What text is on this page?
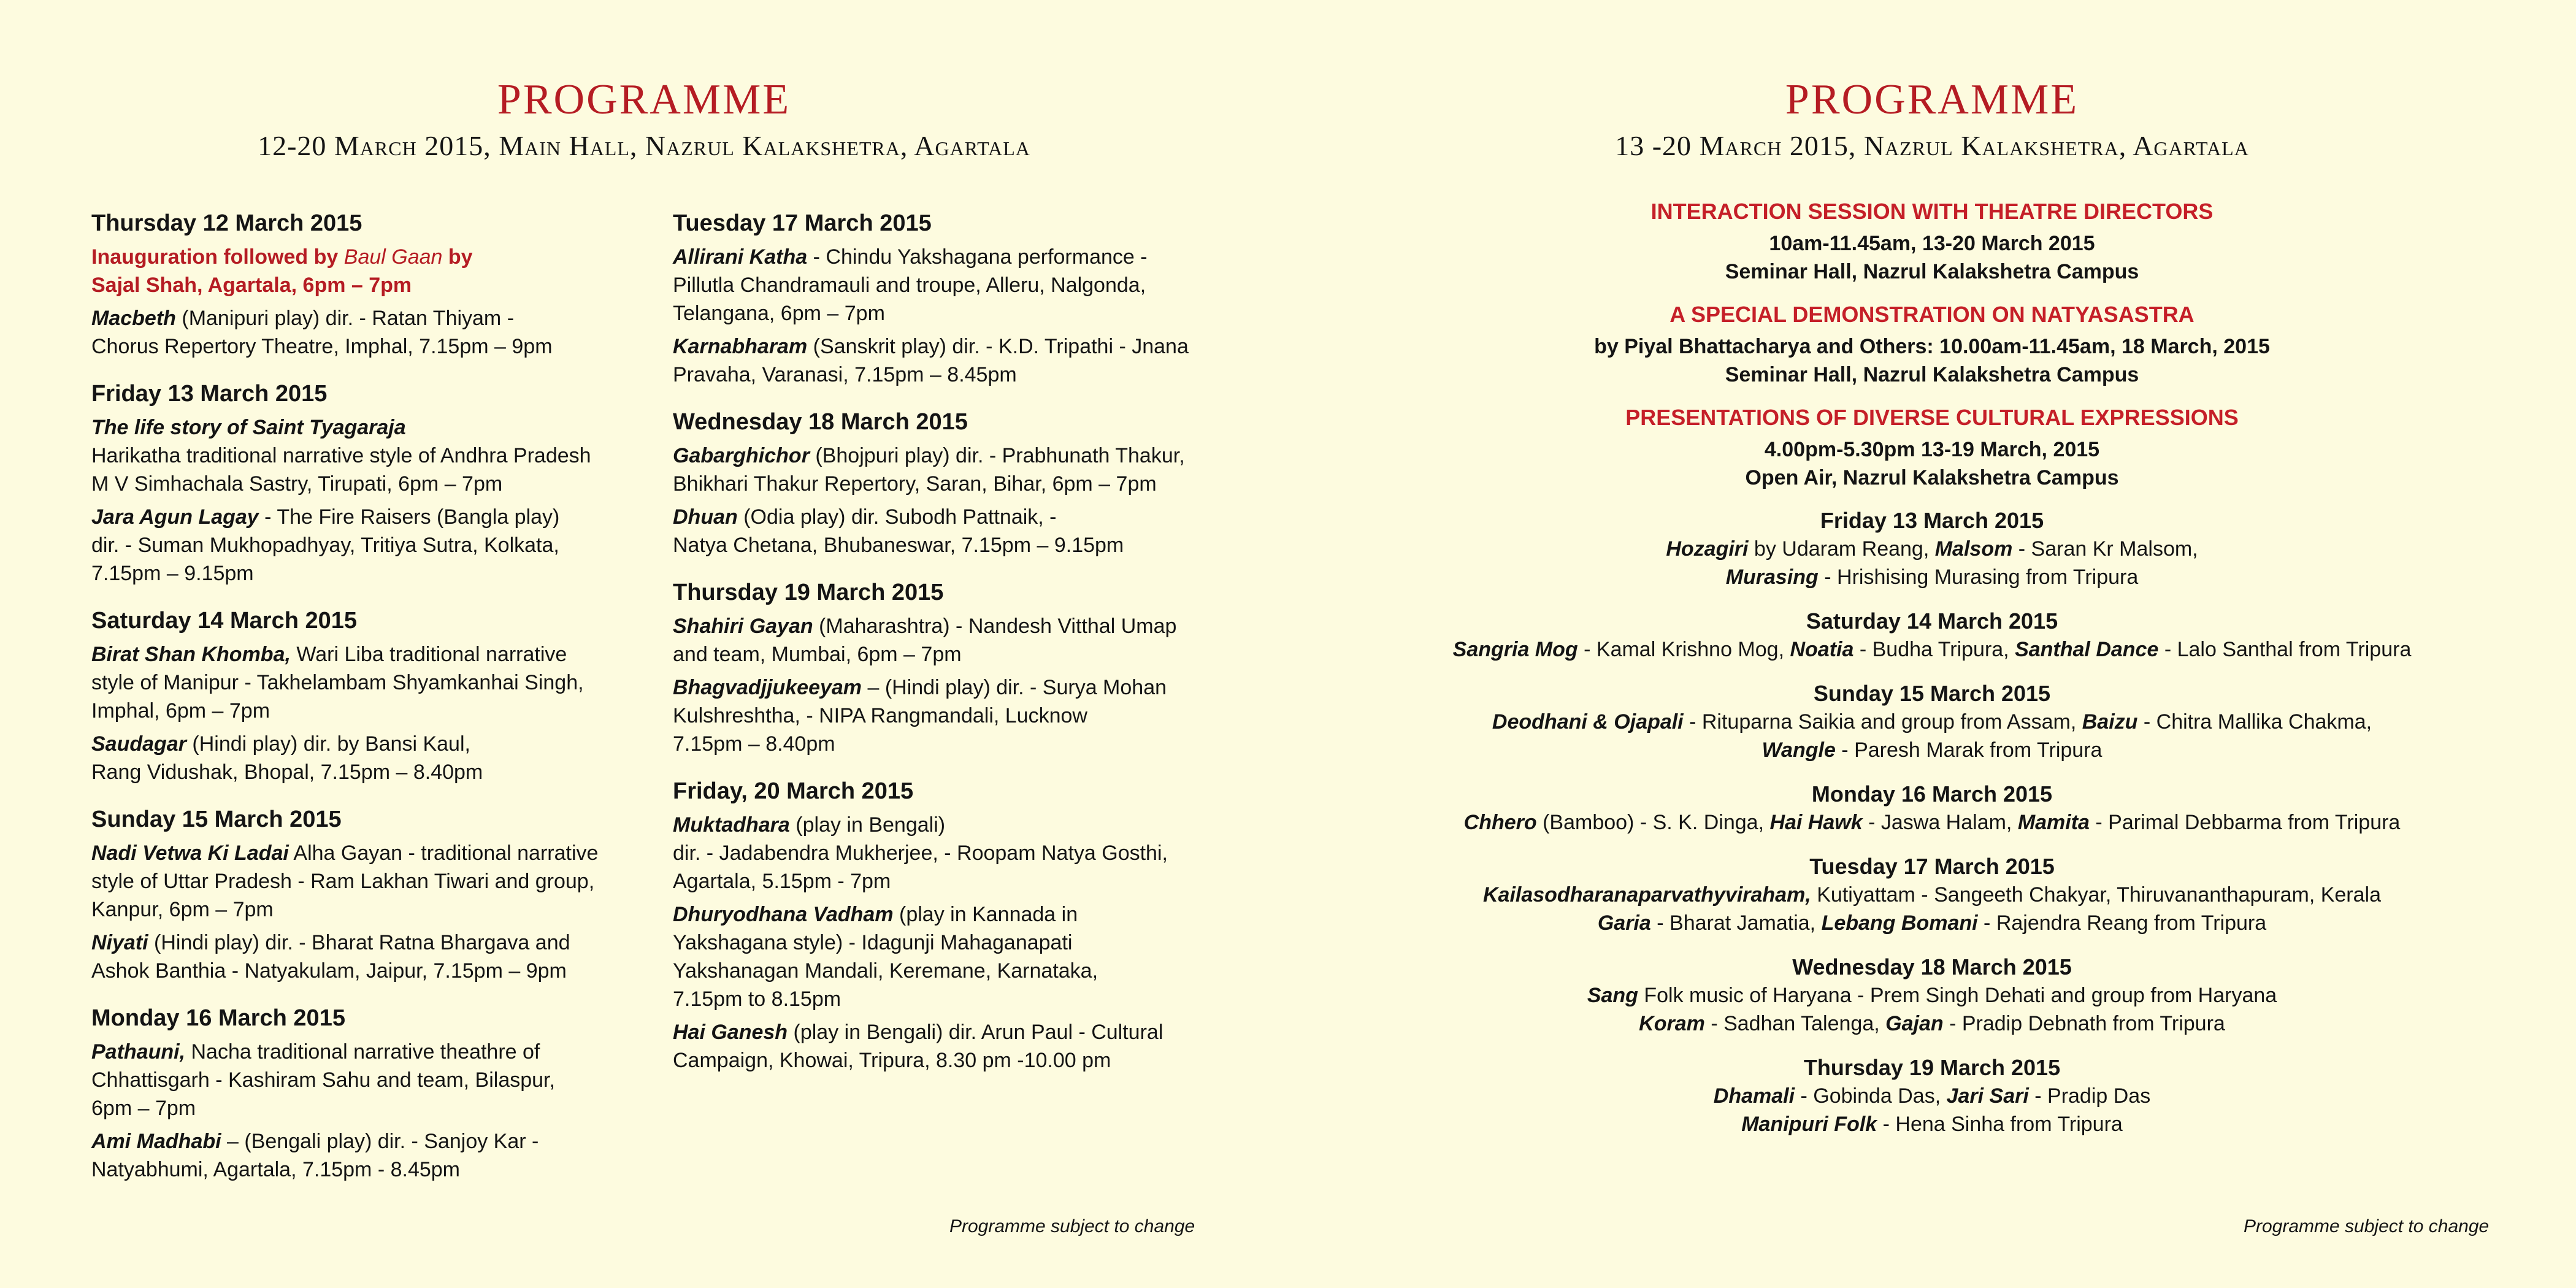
PROGRAMME
12-20 March 2015, Main Hall, Nazrul Kalakshetra, Agartala
Thursday 12 March 2015
Inauguration followed by Baul Gaan by
Sajal Shah, Agartala, 6pm – 7pm
Macbeth (Manipuri play) dir. - Ratan Thiyam -
Chorus Repertory Theatre, Imphal, 7.15pm – 9pm
Friday 13 March 2015
The life story of Saint Tyagaraja
Harikatha traditional narrative style of Andhra Pradesh
M V Simhachala Sastry, Tirupati, 6pm – 7pm
Jara Agun Lagay - The Fire Raisers (Bangla play)
dir. - Suman Mukhopadhyay, Tritiya Sutra, Kolkata,
7.15pm – 9.15pm
Saturday 14 March 2015
Birat Shan Khomba, Wari Liba traditional narrative
style of Manipur - Takhelambam Shyamkanhai Singh,
Imphal, 6pm – 7pm
Saudagar (Hindi play) dir. by Bansi Kaul,
Rang Vidushak, Bhopal, 7.15pm – 8.40pm
Sunday 15 March 2015
Nadi Vetwa Ki Ladai Alha Gayan - traditional narrative
style of Uttar Pradesh - Ram Lakhan Tiwari and group,
Kanpur, 6pm – 7pm
Niyati (Hindi play) dir. - Bharat Ratna Bhargava and
Ashok Banthia - Natyakulam, Jaipur, 7.15pm – 9pm
Monday 16 March 2015
Pathauni, Nacha traditional narrative theathre of
Chhattisgarh - Kashiram Sahu and team, Bilaspur,
6pm – 7pm
Ami Madhabi – (Bengali play) dir. - Sanjoy Kar -
Natyabhumi, Agartala, 7.15pm - 8.45pm
Tuesday 17 March 2015
Allirani Katha - Chindu Yakshagana performance -
Pillutla Chandramauli and troupe, Alleru, Nalgonda,
Telangana, 6pm – 7pm
Karnabharam (Sanskrit play) dir. - K.D. Tripathi - Jnana
Pravaha, Varanasi, 7.15pm – 8.45pm
Wednesday 18 March 2015
Gabarghichor (Bhojpuri play) dir. - Prabhunath Thakur,
Bhikhari Thakur Repertory, Saran, Bihar, 6pm – 7pm
Dhuan (Odia play) dir. Subodh Pattnaik, -
Natya Chetana, Bhubaneswar, 7.15pm – 9.15pm
Thursday 19 March 2015
Shahiri Gayan (Maharashtra) - Nandesh Vitthal Umap
and team, Mumbai, 6pm – 7pm
Bhagvadjjukeeyam – (Hindi play) dir. - Surya Mohan
Kulshreshtha, - NIPA Rangmandali, Lucknow
7.15pm – 8.40pm
Friday, 20 March 2015
Muktadhara (play in Bengali)
dir. - Jadabendra Mukherjee, - Roopam Natya Gosthi,
Agartala, 5.15pm - 7pm
Dhuryodhana Vadham (play in Kannada in
Yakshagana style) - Idagunji Mahaganapati
Yakshanagan Mandali, Keremane, Karnataka,
7.15pm to 8.15pm
Hai Ganesh (play in Bengali) dir. Arun Paul - Cultural
Campaign, Khowai, Tripura, 8.30 pm -10.00 pm
Programme subject to change
PROGRAMME
13 -20 March 2015, Nazrul Kalakshetra, Agartala
INTERACTION SESSION WITH THEATRE DIRECTORS
10am-11.45am, 13-20 March 2015
Seminar Hall, Nazrul Kalakshetra Campus
A SPECIAL DEMONSTRATION ON NATYASASTRA
by Piyal Bhattacharya and Others: 10.00am-11.45am, 18 March, 2015
Seminar Hall, Nazrul Kalakshetra Campus
PRESENTATIONS OF DIVERSE CULTURAL EXPRESSIONS
4.00pm-5.30pm 13-19 March, 2015
Open Air, Nazrul Kalakshetra Campus
Friday 13 March 2015
Hozagiri by Udaram Reang, Malsom - Saran Kr Malsom,
Murasing - Hrishising Murasing from Tripura
Saturday 14 March 2015
Sangria Mog - Kamal Krishno Mog, Noatia - Budha Tripura, Santhal Dance - Lalo Santhal from Tripura
Sunday 15 March 2015
Deodhani & Ojapali - Rituparna Saikia and group from Assam, Baizu - Chitra Mallika Chakma,
Wangle - Paresh Marak from Tripura
Monday 16 March 2015
Chhero (Bamboo) - S. K. Dinga, Hai Hawk - Jaswa Halam, Mamita - Parimal Debbarma from Tripura
Tuesday 17 March 2015
Kailasodharanaparvathyviraham, Kutiyattam - Sangeeth Chakyar, Thiruvananthapuram, Kerala
Garia - Bharat Jamatia, Lebang Bomani - Rajendra Reang from Tripura
Wednesday 18 March 2015
Sang Folk music of Haryana - Prem Singh Dehati and group from Haryana
Koram - Sadhan Talenga, Gajan - Pradip Debnath from Tripura
Thursday 19 March 2015
Dhamali - Gobinda Das, Jari Sari - Pradip Das
Manipuri Folk - Hena Sinha from Tripura
Programme subject to change
